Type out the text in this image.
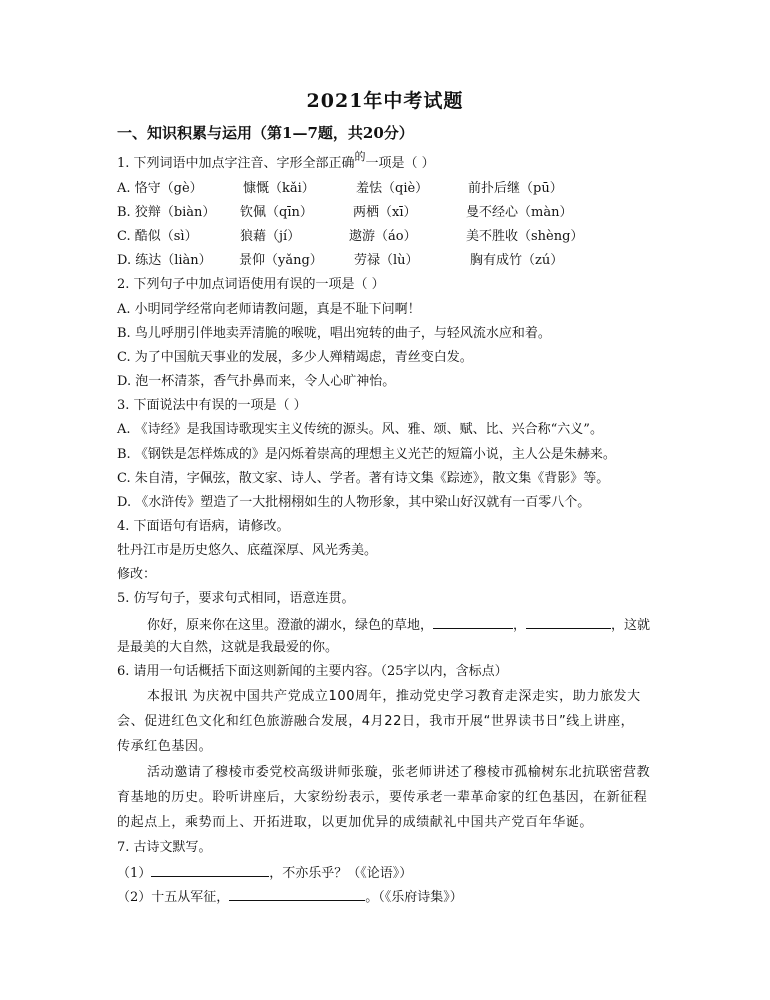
2021年中考试题
一、知识积累与运用（第1—7题，共20分）
1. 下列词语中加点字注音、字形全部正确$^的$一项是（ ）
A. 恪守（gè）	慷慨（kǎi）	羞怯（qiè）	前扑后继（pū）
B. 狡辩（biàn） 钦佩（qīn）	两栖（xī）	曼不经心（màn）
C. 酷似（sì）	狼藉（jí）	遨游（áo）	美不胜收（shèng）
D. 练达（liàn） 景仰（yǎng） 劳禄（lù）	胸有成竹（zú）
2. 下列句子中加点词语使用有误的一项是（ ）
A. 小明同学经常向老师请教问题，真是不耻下问啊！
B. 鸟儿呼朋引伴地卖弄清脆的喉咙，唱出宛转的曲子，与轻风流水应和着。
C. 为了中国航天事业的发展，多少人殚精竭虑，青丝变白发。
D. 泡一杯清茶，香气扑鼻而来，令人心旷神怡。
3. 下面说法中有误的一项是（ ）
A. 《诗经》是我国诗歌现实主义传统的源头。风、雅、颂、赋、比、兴合称“六义”。
B. 《钢铁是怎样炼成的》是闪烁着崇高的理想主义光芒的短篇小说，主人公是朱赫来。
C. 朱自清，字佩弦，散文家、诗人、学者。著有诗文集《踪迹》，散文集《背影》等。
D. 《水浒传》塑造了一大批栩栩如生的人物形象，其中梁山好汉就有一百零八个。
4. 下面语句有语病，请修改。
牡丹江市是历史悠久、底蕴深厚、风光秀美。
修改：
5. 仿写句子，要求句式相同，语意连贯。
你好，原来你在这里。澄澈的湖水，绿色的草地，	，	，这就
是最美的大自然，这就是我最爱的你。
6. 请用一句话概括下面这则新闻的主要内容。（25字以内，含标点）
本报讯 为庆祝中国共产党成立100周年，推动党史学习教育走深走实，助力旅发大
会、促进红色文化和红色旅游融合发展，4月22日，我市开展“世界读书日”线上讲座，
传承红色基因。
活动邀请了穆棱市委党校高级讲师张璇，张老师讲述了穆棱市孤榆树东北抗联密营教
育基地的历史。聆听讲座后，大家纷纷表示，要传承老一辈革命家的红色基因，在新征程
的起点上，乘势而上、开拓进取，以更加优异的成绩献礼中国共产党百年华诞。
7. 古诗文默写。
（1）	，不亦乐乎？（《论语》）
（2）十五从军征，	。（《乐府诗集》）
